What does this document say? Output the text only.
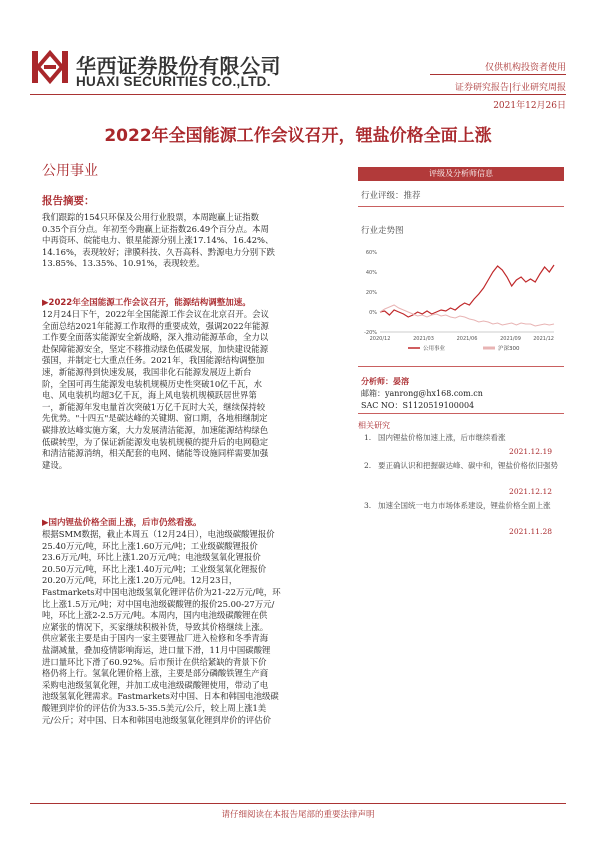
华西证券股份有限公司
HUAXI SECURITIES CO.,LTD.
仅供机构投资者使用
证券研究报告|行业研究周报
2021年12月26日
2022年全国能源工作会议召开，锂盐价格全面上涨
公用事业	评级及分析师信息
行业评级：推荐
行业走势图
-20%
0%
20%
40%
60%
2020/12	2021/03	2021/06	2021/09 2021/12
公用事业	沪深300
分析师：晏溶
邮箱：yanrong@hx168.com.cn
SAC NO：S1120519100004
相关研究
1. 国内锂盐价格加速上涨，后市继续看涨
2021.12.19
2. 要正确认识和把握碳达峰、碳中和，锂盐价格依旧强势
2021.12.12
3. 加速全国统一电力市场体系建设，锂盐价格全面上涨
2021.11.28
报告摘要：

我们跟踪的154只环保及公用行业股票，本周跑赢上证指数

0.35个百分点。年初至今跑赢上证指数26.49个百分点。本周

中再资环、皖能电力、银星能源分别上涨17.14%、16.42%、

14.16%，表现较好；津膜科技、久吾高科、黔源电力分别下跌

13.85%、13.35%、10.91%，表现较差。

▶2022年全国能源工作会议召开，能源结构调整加速。

12月24日下午，2022年全国能源工作会议在北京召开。会议

全面总结2021年能源工作取得的重要成效，强调2022年能源

工作要全面落实能源安全新战略，深入推动能源革命，全力以

赴保障能源安全，坚定不移推动绿色低碳发展，加快建设能源

强国，并制定七大重点任务。2021年，我国能源结构调整加

速，新能源得到快速发展，我国非化石能源发展迈上新台

阶，全国可再生能源发电装机规模历史性突破10亿千瓦，水

电、风电装机均超3亿千瓦，海上风电装机规模跃居世界第

一，新能源年发电量首次突破1万亿千瓦时大关，继续保持较

先优势。"十四五"是碳达峰的关键期、窗口期，各地相继制定

碳排放达峰实施方案，大力发展清洁能源，加速能源结构绿色

低碳转型，为了保证新能源发电装机规模的提升后的电网稳定

和清洁能源消纳，相关配套的电网、储能等设施同样需要加强

建设。

▶国内锂盐价格全面上涨，后市仍然看涨。

根据SMM数据，截止本周五（12月24日），电池级碳酸锂报价

25.40万元/吨，环比上涨1.60万元/吨；工业级碳酸锂报价

23.6万元/吨，环比上涨1.20万元/吨；电池级氢氧化锂报价

20.50万元/吨，环比上涨1.40万元/吨；工业级氢氧化锂报价

20.20万元/吨，环比上涨1.20万元/吨。12月23日，

Fastmarkets对中国电池级氢氧化锂评估价为21-22万元/吨，环

比上涨1.5万元/吨；对中国电池级碳酸锂的报价25.00-27万元/

吨，环比上涨2-2.5万元/吨。本周内，国内电池级碳酸锂在供

应紧张的情况下，买家继续积极补货，导致其价格继续上涨。

供应紧张主要是由于国内一家主要锂盐厂进入检修和冬季青海

盐湖减量，叠加疫情影响海运，进口量下滑，11月中国碳酸锂

进口量环比下滑了60.92%。后市预计在供给紧缺的背景下价

格仍将上行。氢氧化锂价格上涨，主要是部分磷酸铁锂生产商

采购电池级氢氧化锂，并加工成电池级碳酸锂使用，带动了电

池级氢氧化锂需求。Fastmarkets对中国、日本和韩国电池级碳

酸锂到岸价的评估价为33.5-35.5美元/公斤，较上周上涨1美

元/公斤；对中国、日本和韩国电池级氢氧化锂到岸价的评估价

请仔细阅读在本报告尾部的重要法律声明
